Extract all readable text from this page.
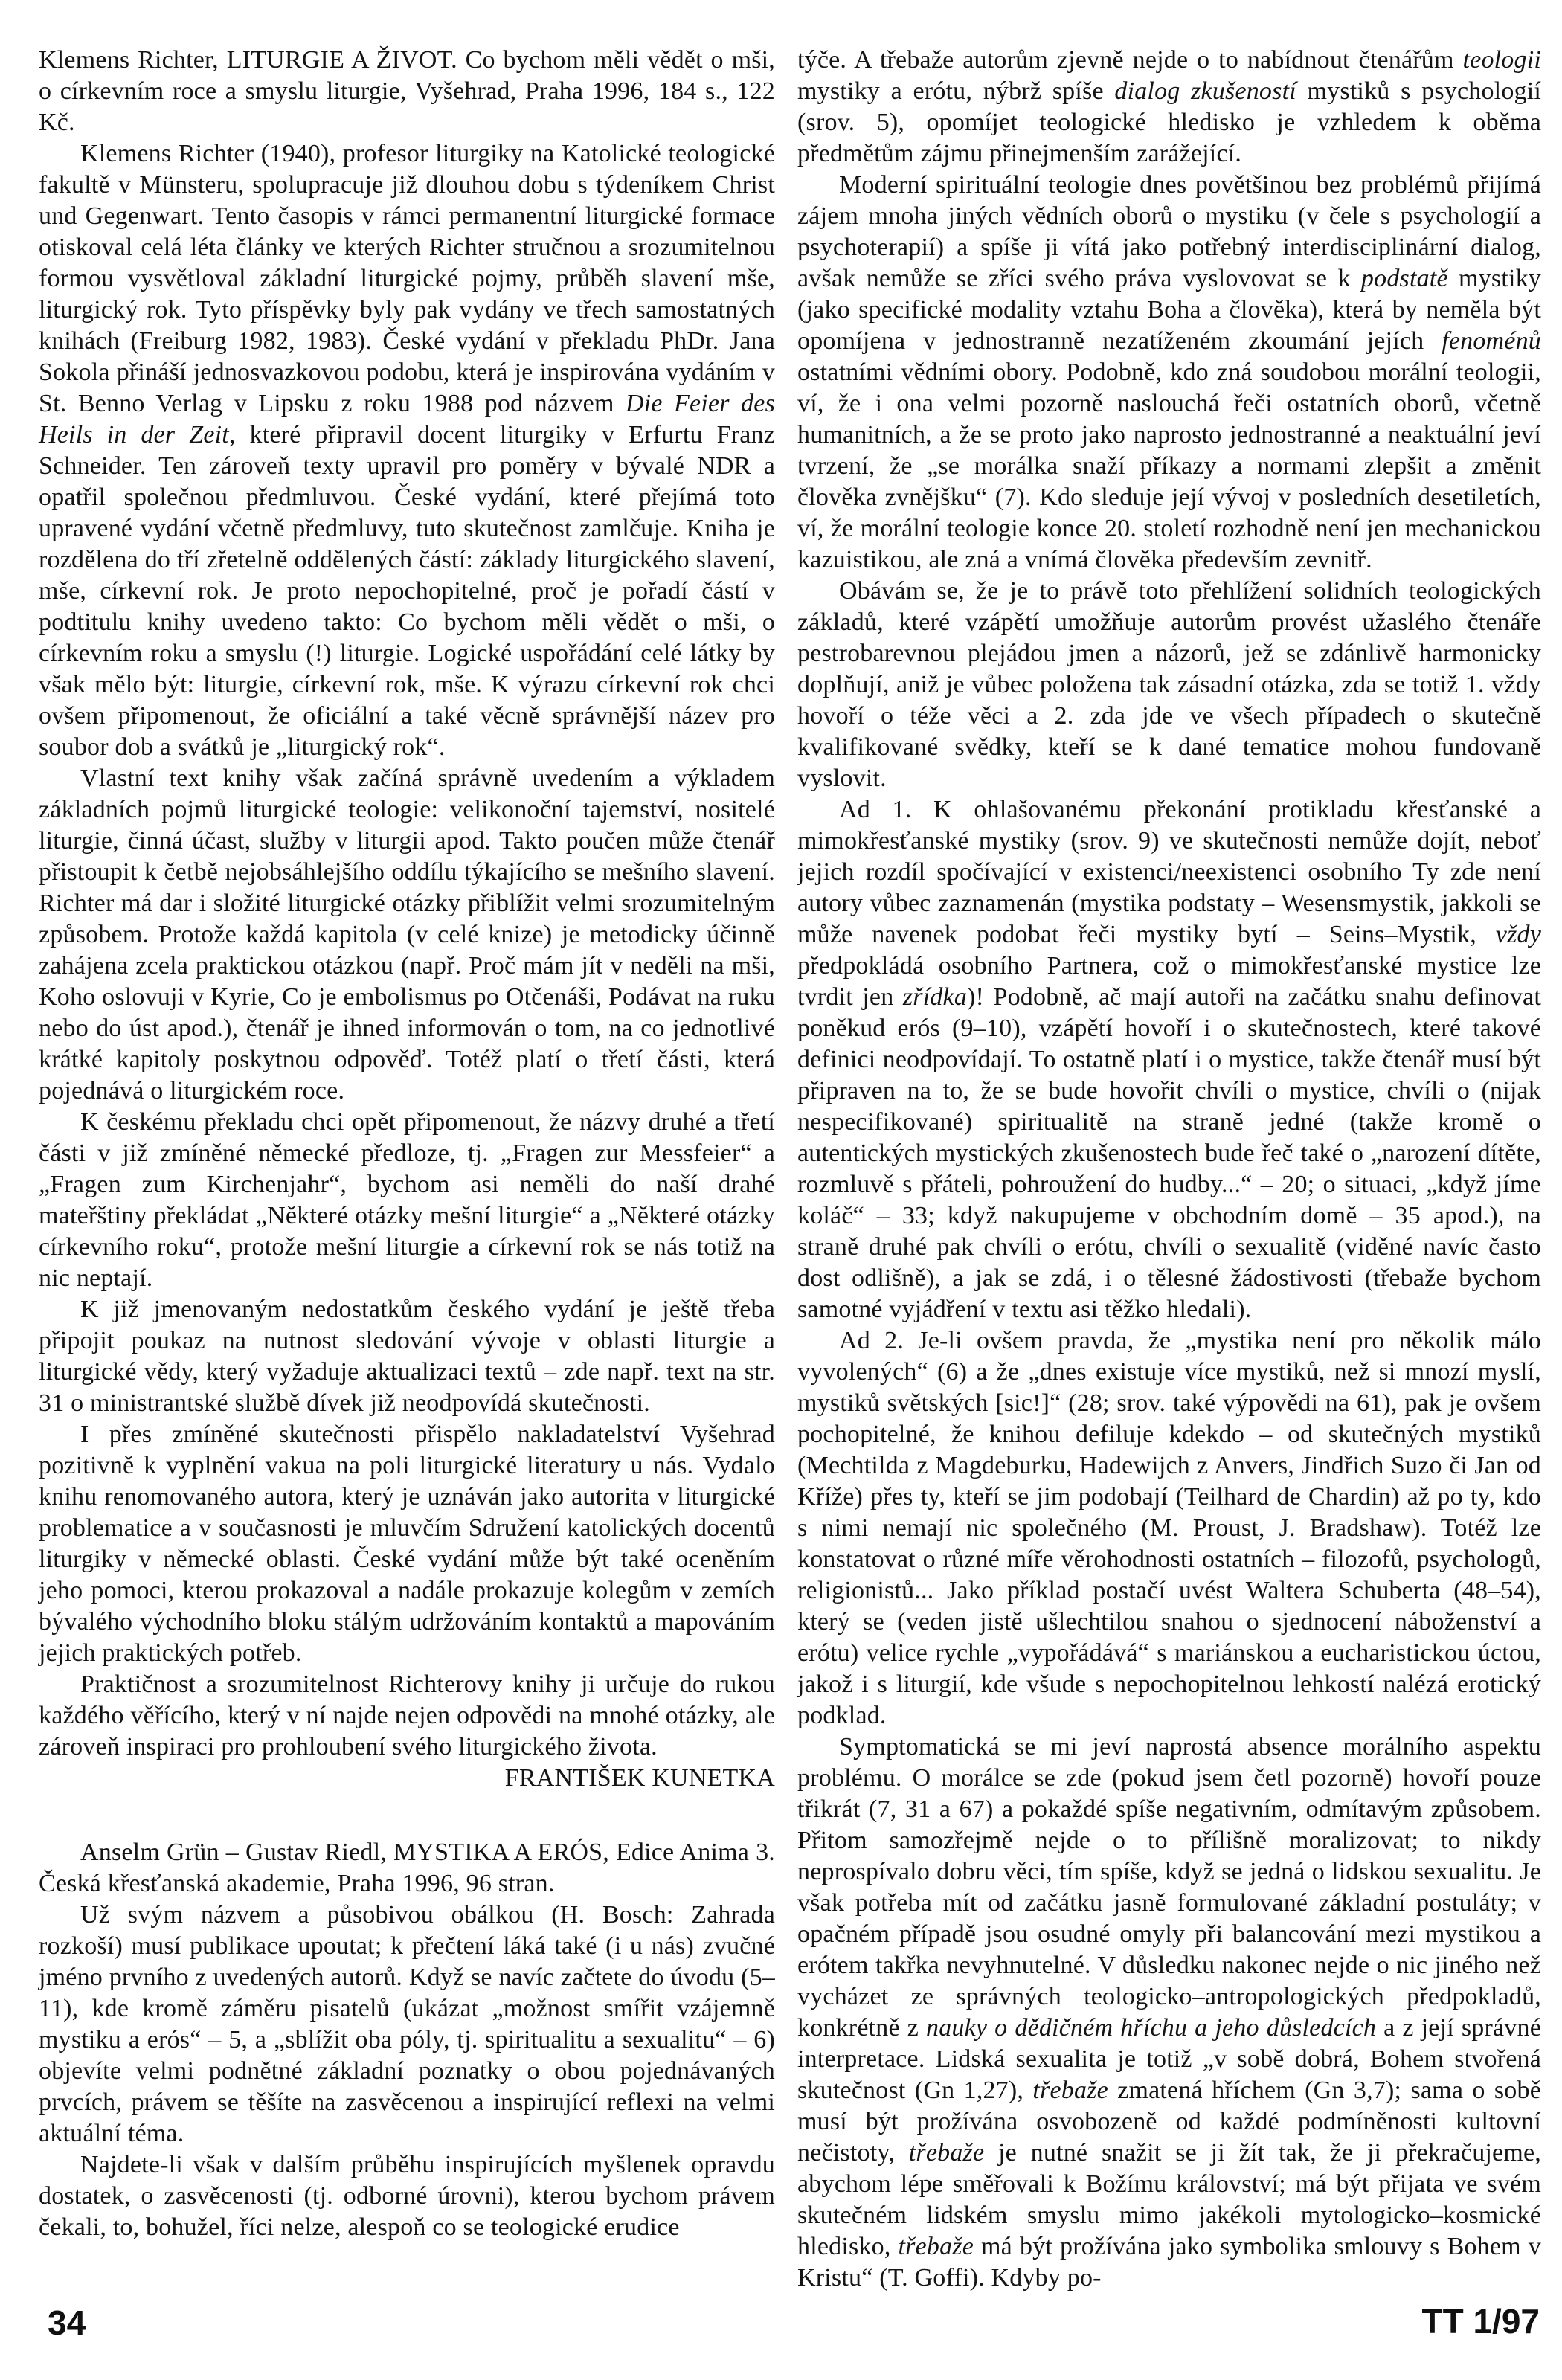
Klemens Richter, LITURGIE A ŽIVOT. Co bychom měli vědět o mši, o církevním roce a smyslu liturgie, Vyšehrad, Praha 1996, 184 s., 122 Kč.

Klemens Richter (1940), profesor liturgiky na Katolické teologické fakultě v Münsteru, spolupracuje již dlouhou dobu s týdeníkem Christ und Gegenwart. Tento časopis v rámci permanentní liturgické formace otiskoval celá léta články ve kterých Richter stručnou a srozumitelnou formou vysvětloval základní liturgické pojmy, průběh slavení mše, liturgický rok. Tyto příspěvky byly pak vydány ve třech samostatných knihách (Freiburg 1982, 1983). České vydání v překladu PhDr. Jana Sokola přináší jednosvazkovou podobu, která je inspirována vydáním v St. Benno Verlag v Lipsku z roku 1988 pod názvem Die Feier des Heils in der Zeit, které připravil docent liturgiky v Erfurtu Franz Schneider. Ten zároveň texty upravil pro poměry v bývalé NDR a opatřil společnou předmluvou. České vydání, které přejímá toto upravené vydání včetně předmluvy, tuto skutečnost zamlčuje. Kniha je rozdělena do tří zřetelně oddělených částí: základy liturgického slavení, mše, církevní rok. Je proto nepochopitelné, proč je pořadí částí v podtitulu knihy uvedeno takto: Co bychom měli vědět o mši, o církevním roku a smyslu (!) liturgie. Logické uspořádání celé látky by však mělo být: liturgie, církevní rok, mše. K výrazu církevní rok chci ovšem připomenout, že oficiální a také věcně správnější název pro soubor dob a svátků je „liturgický rok“.

Vlastní text knihy však začíná správně uvedením a výkladem základních pojmů liturgické teologie: velikonoční tajemství, nositelé liturgie, činná účast, služby v liturgii apod. Takto poučen může čtenář přistoupit k četbě nejobsáhlejšího oddílu týkajícího se mešního slavení. Richter má dar i složité liturgické otázky přiblížit velmi srozumitelným způsobem. Protože každá kapitola (v celé knize) je metodicky účinně zahájena zcela praktickou otázkou (např. Proč mám jít v neděli na mši, Koho oslovuji v Kyrie, Co je embolismus po Otčenáši, Podávat na ruku nebo do úst apod.), čtenář je ihned informován o tom, na co jednotlivé krátké kapitoly poskytnou odpověď. Totéž platí o třetí části, která pojednává o liturgickém roce.

K českému překladu chci opět připomenout, že názvy druhé a třetí části v již zmíněné německé předloze, tj. „Fragen zur Messfeier“ a „Fragen zum Kirchenjahr“, bychom asi neměli do naší drahé mateřštiny překládat „Některé otázky mešní liturgie“ a „Některé otázky církevního roku“, protože mešní liturgie a církevní rok se nás totiž na nic neptají.

K již jmenovaným nedostatkům českého vydání je ještě třeba připojit poukaz na nutnost sledování vývoje v oblasti liturgie a liturgické vědy, který vyžaduje aktualizaci textů – zde např. text na str. 31 o ministrantské službě dívek již neodpovídá skutečnosti.

I přes zmíněné skutečnosti přispělo nakladatelství Vyšehrad pozitivně k vyplnění vakua na poli liturgické literatury u nás. Vydalo knihu renomovaného autora, který je uznáván jako autorita v liturgické problematice a v současnosti je mluvčím Sdružení katolických docentů liturgiky v německé oblasti. České vydání může být také oceněním jeho pomoci, kterou prokazoval a nadále prokazuje kolegům v zemích bývalého východního bloku stálým udržováním kontaktů a mapováním jejich praktických potřeb.

Praktičnost a srozumitelnost Richterovy knihy ji určuje do rukou každého věřícího, který v ní najde nejen odpovědi na mnohé otázky, ale zároveň inspiraci pro prohloubení svého liturgického života.

FRANTIŠEK KUNETKA

Anselm Grün – Gustav Riedl, MYSTIKA A ERÓS, Edice Anima 3. Česká křesťanská akademie, Praha 1996, 96 stran.

Už svým názvem a působivou obálkou (H. Bosch: Zahrada rozkoší) musí publikace upoutat; k přečtení láká také (i u nás) zvučné jméno prvního z uvedených autorů. Když se navíc začtete do úvodu (5–11), kde kromě záměru pisatelů (ukázat „možnost smířit vzájemně mystiku a erós“ – 5, a „sblížit oba póly, tj. spiritualitu a sexualitu“ – 6) objevíte velmi podnětné základní poznatky o obou pojednávaných prvcích, právem se těšíte na zasvěcenou a inspirující reflexi na velmi aktuální téma.

Najdete-li však v dalším průběhu inspirujících myšlenek opravdu dostatek, o zasvěcenosti (tj. odborné úrovni), kterou bychom právem čekali, to, bohužel, říci nelze, alespoň co se teologické erudice

týče. A třebaže autorům zjevně nejde o to nabídnout čtenářům teologii mystiky a erótu, nýbrž spíše dialog zkušeností mystiků s psychologií (srov. 5), opomíjet teologické hledisko je vzhledem k oběma předmětům zájmu přinejmenším zarážející.

Moderní spirituální teologie dnes povětšinou bez problémů přijímá zájem mnoha jiných vědních oborů o mystiku (v čele s psychologií a psychoterapií) a spíše ji vítá jako potřebný interdisciplinární dialog, avšak nemůže se zříci svého práva vyslovovat se k podstatě mystiky (jako specifické modality vztahu Boha a člověka), která by neměla být opomíjena v jednostranně nezatíženém zkoumání jejích fenoménů ostatními vědními obory. Podobně, kdo zná soudobou morální teologii, ví, že i ona velmi pozorně naslouchá řeči ostatních oborů, včetně humanitních, a že se proto jako naprosto jednostranné a neaktuální jeví tvrzení, že „se morálka snaží příkazy a normami zlepšit a změnit člověka zvnějšku“ (7). Kdo sleduje její vývoj v posledních desetiletích, ví, že morální teologie konce 20. století rozhodně není jen mechanickou kazuistikou, ale zná a vnímá člověka především zevnitř.

Obávám se, že je to právě toto přehlížení solidních teologických základů, které vzápětí umožňuje autorům provést užaslého čtenáře pestrobarevnou plejádou jmen a názorů, jež se zdánlivě harmonicky doplňují, aniž je vůbec položena tak zásadní otázka, zda se totiž 1. vždy hovoří o téže věci a 2. zda jde ve všech případech o skutečně kvalifikované svědky, kteří se k dané tematice mohou fundovaně vyslovit.

Ad 1. K ohlašovanému překonání protikladu křesťanské a mimokřesťanské mystiky (srov. 9) ve skutečnosti nemůže dojít, neboť jejich rozdíl spočívající v existenci/neexistenci osobního Ty zde není autory vůbec zaznamenán (mystika podstaty – Wesensmystik, jakkoli se může navenek podobat řeči mystiky bytí – Seins–Mystik, vždy předpokládá osobního Partnera, což o mimokřesťanské mystice lze tvrdit jen zřídka)! Podobně, ač mají autoři na začátku snahu definovat poněkud erós (9–10), vzápětí hovoří i o skutečnostech, které takové definici neodpovídají. To ostatně platí i o mystice, takže čtenář musí být připraven na to, že se bude hovořit chvíli o mystice, chvíli o (nijak nespecifikované) spiritualitě na straně jedné (takže kromě o autentických mystických zkušenostech bude řeč také o „narození dítěte, rozmluvě s přáteli, pohroužení do hudby...“ – 20; o situaci, „když jíme koláč“ – 33; když nakupujeme v obchodním domě – 35 apod.), na straně druhé pak chvíli o erótu, chvíli o sexualitě (viděné navíc často dost odlišně), a jak se zdá, i o tělesné žádostivosti (třebaže bychom samotné vyjádření v textu asi těžko hledali).

Ad 2. Je-li ovšem pravda, že „mystika není pro několik málo vyvolených“ (6) a že „dnes existuje více mystiků, než si mnozí myslí, mystiků světských [sic!]“ (28; srov. také výpovědi na 61), pak je ovšem pochopitelné, že knihou defiluje kdekdo – od skutečných mystiků (Mechtilda z Magdeburku, Hadewijch z Anvers, Jindřich Suzo či Jan od Kříže) přes ty, kteří se jim podobají (Teilhard de Chardin) až po ty, kdo s nimi nemají nic společného (M. Proust, J. Bradshaw). Totéž lze konstatovat o různé míře věrohodnosti ostatních – filozofů, psychologů, religionistů... Jako příklad postačí uvést Waltera Schuberta (48–54), který se (veden jistě ušlechtilou snahou o sjednocení náboženství a erótu) velice rychle „vypořádává“ s mariánskou a eucharistickou úctou, jakož i s liturgií, kde všude s nepochopitelnou lehkostí nalézá erotický podklad.

Symptomatická se mi jeví naprostá absence morálního aspektu problému. O morálce se zde (pokud jsem četl pozorně) hovoří pouze třikrát (7, 31 a 67) a pokaždé spíše negativním, odmítavým způsobem. Přitom samozřejmě nejde o to přílišně moralizovat; to nikdy neprospívalo dobru věci, tím spíše, když se jedná o lidskou sexualitu. Je však potřeba mít od začátku jasně formulované základní postuláty; v opačném případě jsou osudné omyly při balancování mezi mystikou a erótem takřka nevyhnutelné. V důsledku nakonec nejde o nic jiného než vycházet ze správných teologicko–antropologických předpokladů, konkrétně z nauky o dědičném hříchu a jeho důsledcích a z její správné interpretace. Lidská sexualita je totiž „v sobě dobrá, Bohem stvořená skutečnost (Gn 1,27), třebaže zmatená hříchem (Gn 3,7); sama o sobě musí být prožívána osvobozeně od každé podmíněnosti kultovní nečistoty, třebaže je nutné snažit se ji žít tak, že ji překračujeme, abychom lépe směřovali k Božímu království; má být přijata ve svém skutečném lidském smyslu mimo jakékoli mytologicko–kosmické hledisko, třebaže má být prožívána jako symbolika smlouvy s Bohem v Kristu“ (T. Goffi). Kdyby po-

34	TT 1/97
